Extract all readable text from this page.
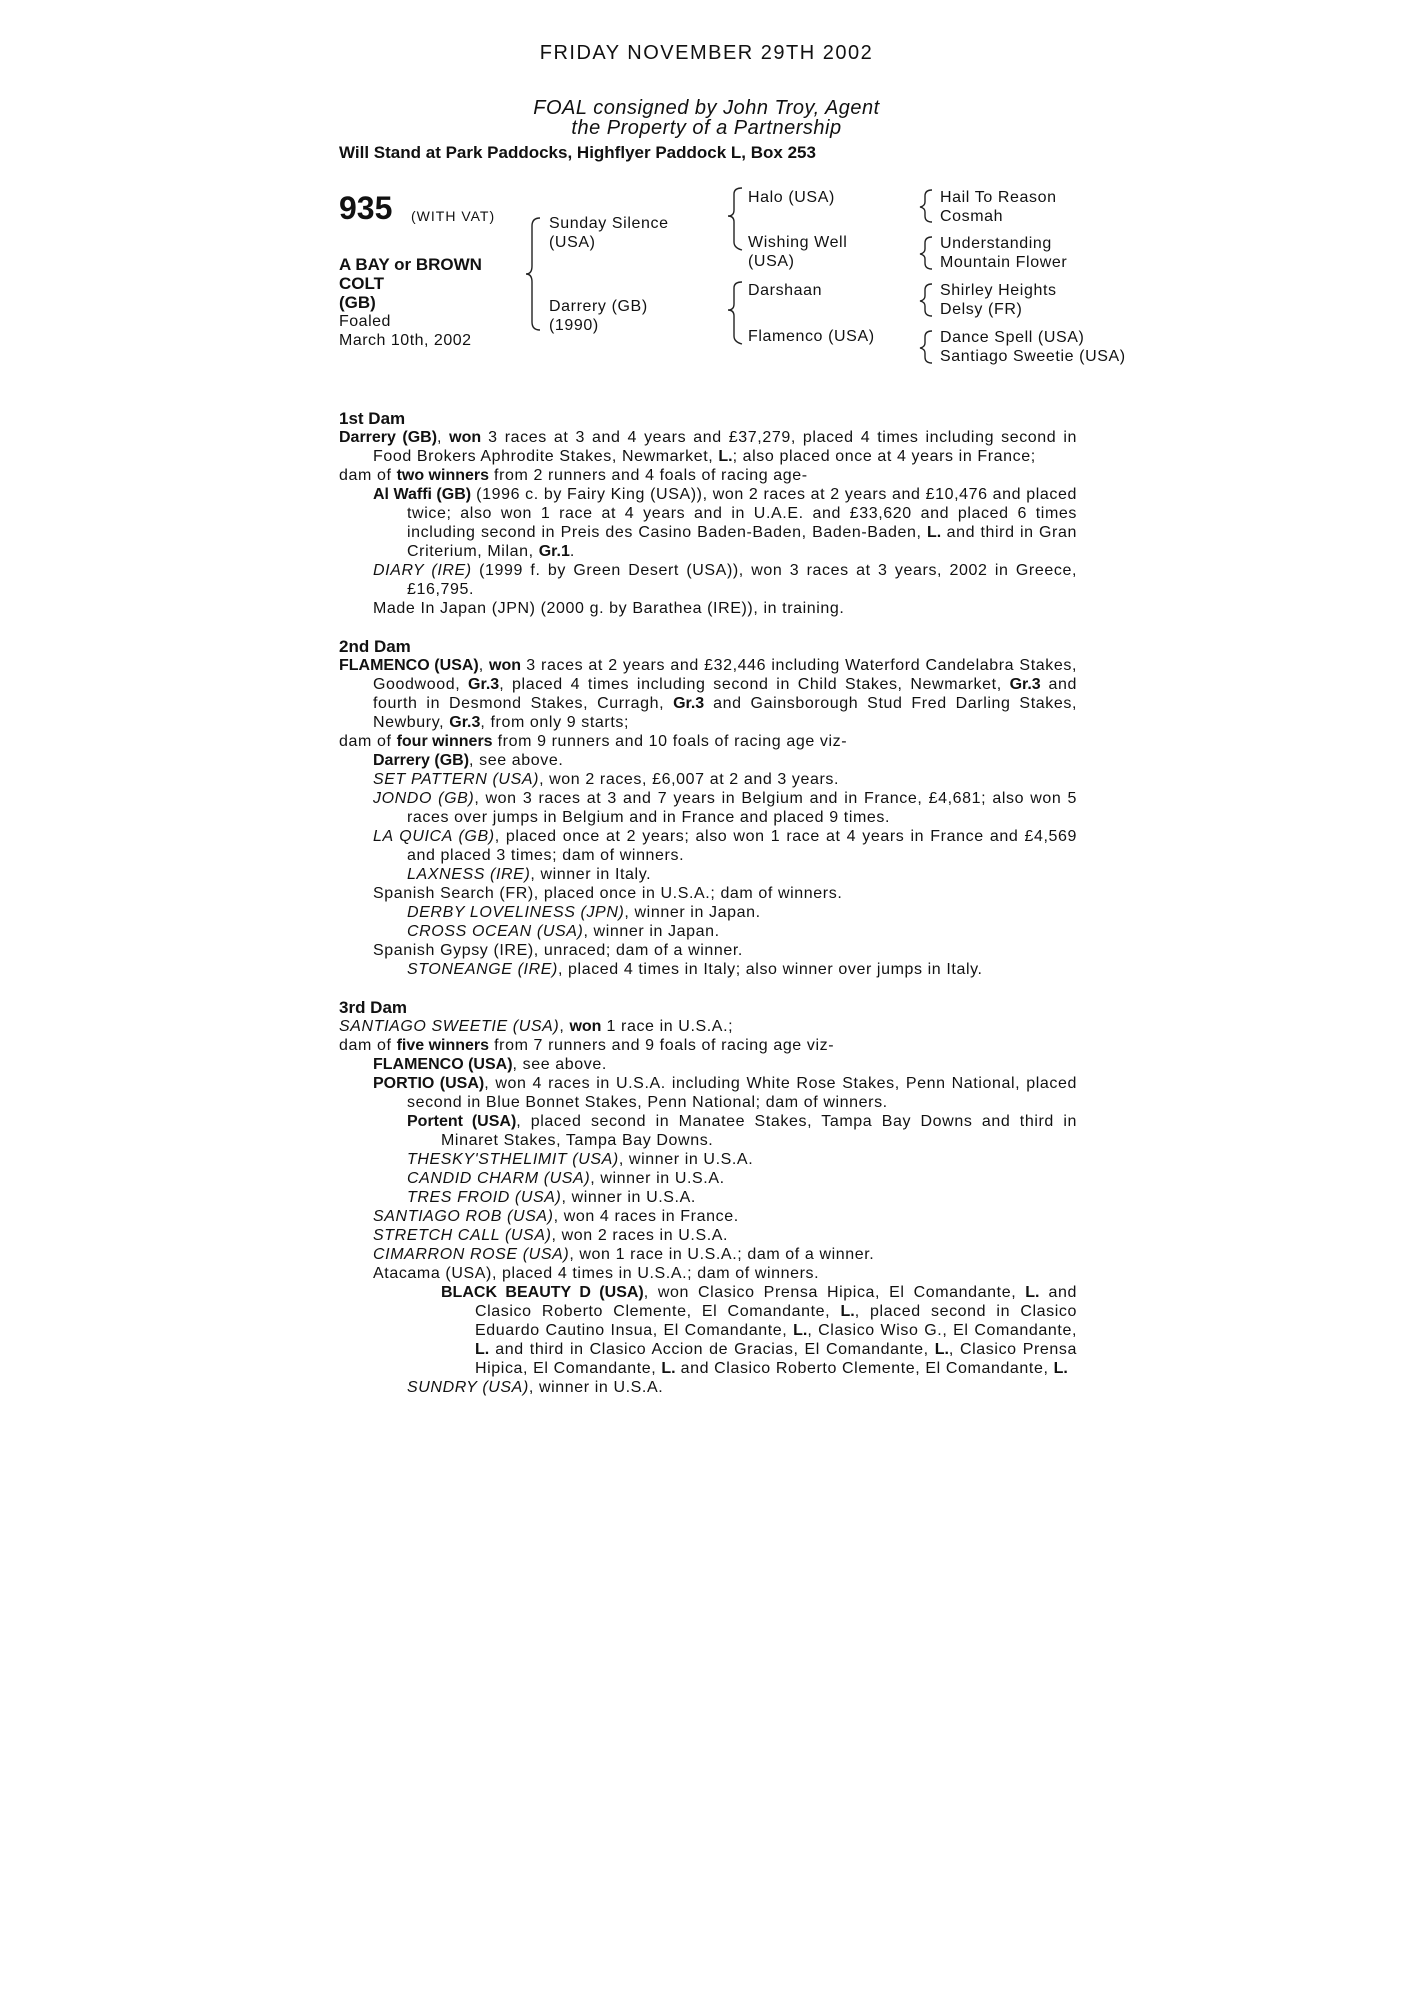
FRIDAY NOVEMBER 29TH 2002
FOAL consigned by John Troy, Agent
the Property of a Partnership
Will Stand at Park Paddocks, Highflyer Paddock L, Box 253
935 (WITH VAT)
A BAY or BROWN
COLT
(GB)
Foaled
March 10th, 2002
Sunday Silence
(USA)
Darrery (GB)
(1990)
Halo (USA)
Wishing Well
(USA)
Darshaan
Flamenco (USA)
Hail To Reason
Cosmah
Understanding
Mountain Flower
Shirley Heights
Delsy (FR)
Dance Spell (USA)
Santiago Sweetie (USA)

1st Dam

Darrery (GB), won 3 races at 3 and 4 years and £37,279, placed 4 times including second in Food Brokers Aphrodite Stakes, Newmarket, L.; also placed once at 4 years in France;

dam of two winners from 2 runners and 4 foals of racing age-

Al Waffi (GB) (1996 c. by Fairy King (USA)), won 2 races at 2 years and £10,476 and placed twice; also won 1 race at 4 years and in U.A.E. and £33,620 and placed 6 times including second in Preis des Casino Baden-Baden, Baden-Baden, L. and third in Gran Criterium, Milan, Gr.1.

DIARY (IRE) (1999 f. by Green Desert (USA)), won 3 races at 3 years, 2002 in Greece, £16,795.

Made In Japan (JPN) (2000 g. by Barathea (IRE)), in training.

2nd Dam

FLAMENCO (USA), won 3 races at 2 years and £32,446 including Waterford Candelabra Stakes, Goodwood, Gr.3, placed 4 times including second in Child Stakes, Newmarket, Gr.3 and fourth in Desmond Stakes, Curragh, Gr.3 and Gainsborough Stud Fred Darling Stakes, Newbury, Gr.3, from only 9 starts;

dam of four winners from 9 runners and 10 foals of racing age viz-

Darrery (GB), see above.

SET PATTERN (USA), won 2 races, £6,007 at 2 and 3 years.

JONDO (GB), won 3 races at 3 and 7 years in Belgium and in France, £4,681; also won 5 races over jumps in Belgium and in France and placed 9 times.

LA QUICA (GB), placed once at 2 years; also won 1 race at 4 years in France and £4,569 and placed 3 times; dam of winners.

LAXNESS (IRE), winner in Italy.

Spanish Search (FR), placed once in U.S.A.; dam of winners.

DERBY LOVELINESS (JPN), winner in Japan.

CROSS OCEAN (USA), winner in Japan.

Spanish Gypsy (IRE), unraced; dam of a winner.

STONEANGE (IRE), placed 4 times in Italy; also winner over jumps in Italy.

3rd Dam

SANTIAGO SWEETIE (USA), won 1 race in U.S.A.;

dam of five winners from 7 runners and 9 foals of racing age viz-

FLAMENCO (USA), see above.

PORTIO (USA), won 4 races in U.S.A. including White Rose Stakes, Penn National, placed second in Blue Bonnet Stakes, Penn National; dam of winners.

Portent (USA), placed second in Manatee Stakes, Tampa Bay Downs and third in Minaret Stakes, Tampa Bay Downs.

THESKY'STHELIMIT (USA), winner in U.S.A.

CANDID CHARM (USA), winner in U.S.A.

TRES FROID (USA), winner in U.S.A.

SANTIAGO ROB (USA), won 4 races in France.

STRETCH CALL (USA), won 2 races in U.S.A.

CIMARRON ROSE (USA), won 1 race in U.S.A.; dam of a winner.

Atacama (USA), placed 4 times in U.S.A.; dam of winners.

BLACK BEAUTY D (USA), won Clasico Prensa Hipica, El Comandante, L. and Clasico Roberto Clemente, El Comandante, L., placed second in Clasico Eduardo Cautino Insua, El Comandante, L., Clasico Wiso G., El Comandante, L. and third in Clasico Accion de Gracias, El Comandante, L., Clasico Prensa Hipica, El Comandante, L. and Clasico Roberto Clemente, El Comandante, L.

SUNDRY (USA), winner in U.S.A.
